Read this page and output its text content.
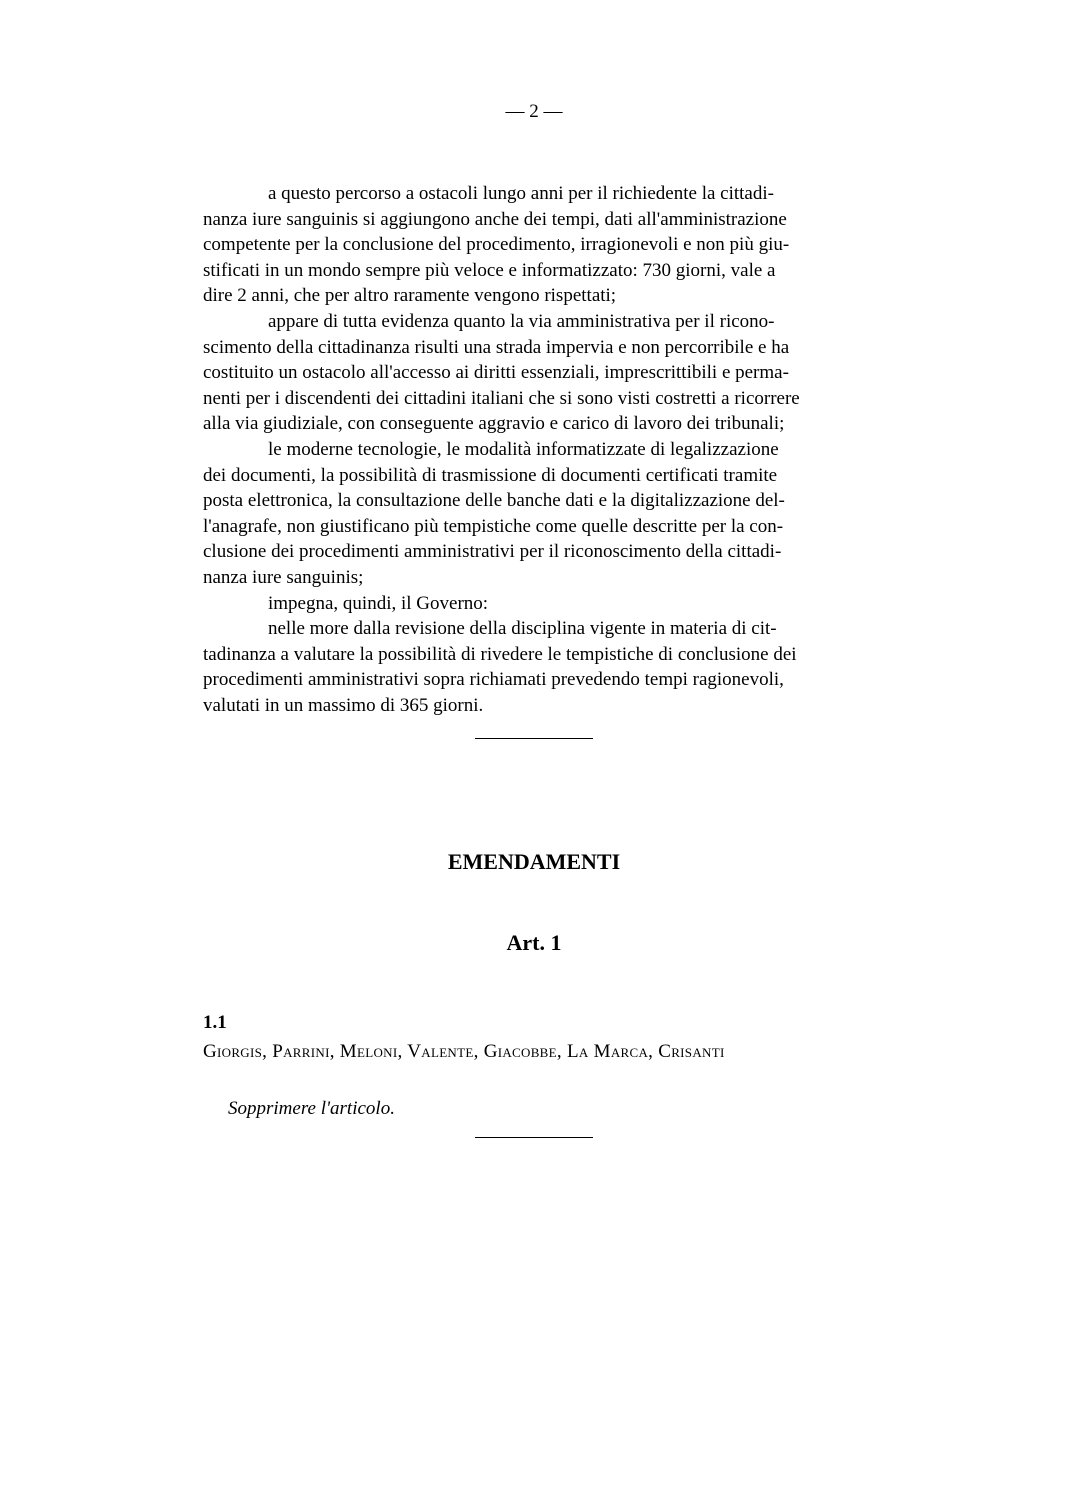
— 2 —

a questo percorso a ostacoli lungo anni per il richiedente la cittadi-
nanza iure sanguinis si aggiungono anche dei tempi, dati all'amministrazione
competente per la conclusione del procedimento, irragionevoli e non più giu-
stificati in un mondo sempre più veloce e informatizzato: 730 giorni, vale a
dire 2 anni, che per altro raramente vengono rispettati;

appare di tutta evidenza quanto la via amministrativa per il ricono-
scimento della cittadinanza risulti una strada impervia e non percorribile e ha
costituito un ostacolo all'accesso ai diritti essenziali, imprescrittibili e perma-
nenti per i discendenti dei cittadini italiani che si sono visti costretti a ricorrere
alla via giudiziale, con conseguente aggravio e carico di lavoro dei tribunali;

le moderne tecnologie, le modalità informatizzate di legalizzazione
dei documenti, la possibilità di trasmissione di documenti certificati tramite
posta elettronica, la consultazione delle banche dati e la digitalizzazione del-
l'anagrafe, non giustificano più tempistiche come quelle descritte per la con-
clusione dei procedimenti amministrativi per il riconoscimento della cittadi-
nanza iure sanguinis;

impegna, quindi, il Governo:

nelle more dalla revisione della disciplina vigente in materia di cit-
tadinanza a valutare la possibilità di rivedere le tempistiche di conclusione dei
procedimenti amministrativi sopra richiamati prevedendo tempi ragionevoli,
valutati in un massimo di 365 giorni.

EMENDAMENTI
Art. 1
1.1
Giorgis, Parrini, Meloni, Valente, Giacobbe, La Marca, Crisanti
Sopprimere l'articolo.
